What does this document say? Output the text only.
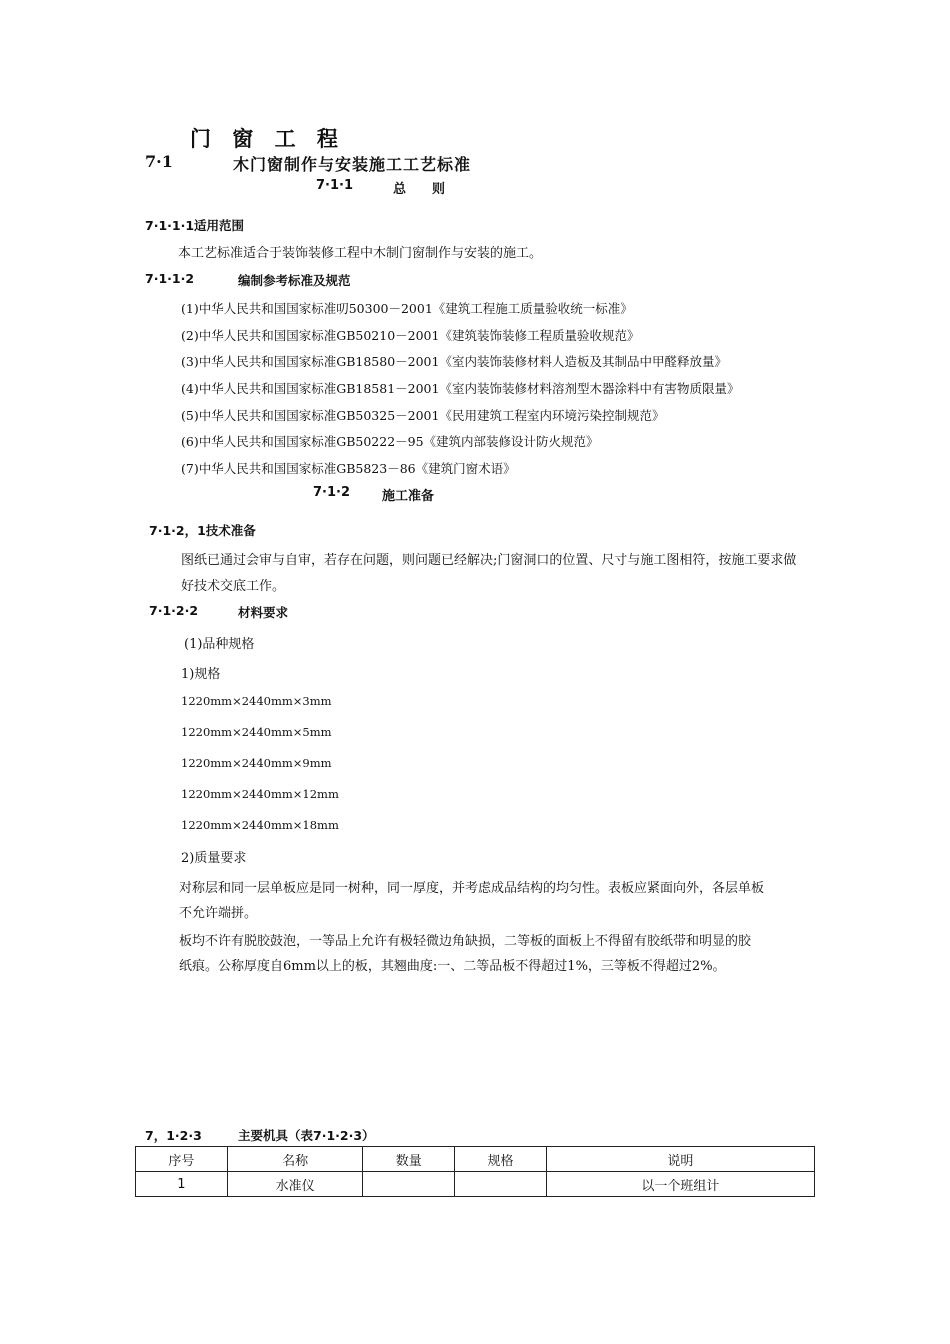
门 窗 工 程
7·1	木门窗制作与安装施工工艺标准
7·1·1	总　　则
7·1·1·1适用范围
本工艺标准适合于装饰装修工程中木制门窗制作与安装的施工。
7·1·1·2	编制参考标准及规范
(1)中华人民共和国国家标准叨50300－2001《建筑工程施工质量验收统一标准》
(2)中华人民共和国国家标准GB50210－2001《建筑装饰装修工程质量验收规范》
(3)中华人民共和国国家标准GB18580－2001《室内装饰装修材料人造板及其制品中甲醛释放量》
(4)中华人民共和国国家标准GB18581－2001《室内装饰装修材料溶剂型木器涂料中有害物质限量》
(5)中华人民共和国国家标准GB50325－2001《民用建筑工程室内环境污染控制规范》
(6)中华人民共和国国家标准GB50222－95《建筑内部装修设计防火规范》
(7)中华人民共和国国家标准GB5823－86《建筑门窗术语》
7·1·2 施工准备
7·1·2，1技术准备
图纸已通过会审与自审，若存在问题，则问题已经解决;门窗洞口的位置、尺寸与施工图相符，按施工要求做
好技术交底工作。
7·1·2·2	材料要求
(1)品种规格
1)规格
1220mm×2440mm×3mm
1220mm×2440mm×5mm
1220mm×2440mm×9mm
1220mm×2440mm×12mm
1220mm×2440mm×18mm
2)质量要求
对称层和同一层单板应是同一树种，同一厚度，并考虑成品结构的均匀性。表板应紧面向外，各层单板
不允许端拼。
板均不许有脱胶鼓泡，一等品上允许有极轻微边角缺损，二等板的面板上不得留有胶纸带和明显的胶
纸痕。公称厚度自6mm以上的板，其翘曲度:一、二等品板不得超过1%，三等板不得超过2%。
7，1·2·3	主要机具（表7·1·2·3）
序号	名称	数量	规格	说明
1	水准仪			以一个班组计
